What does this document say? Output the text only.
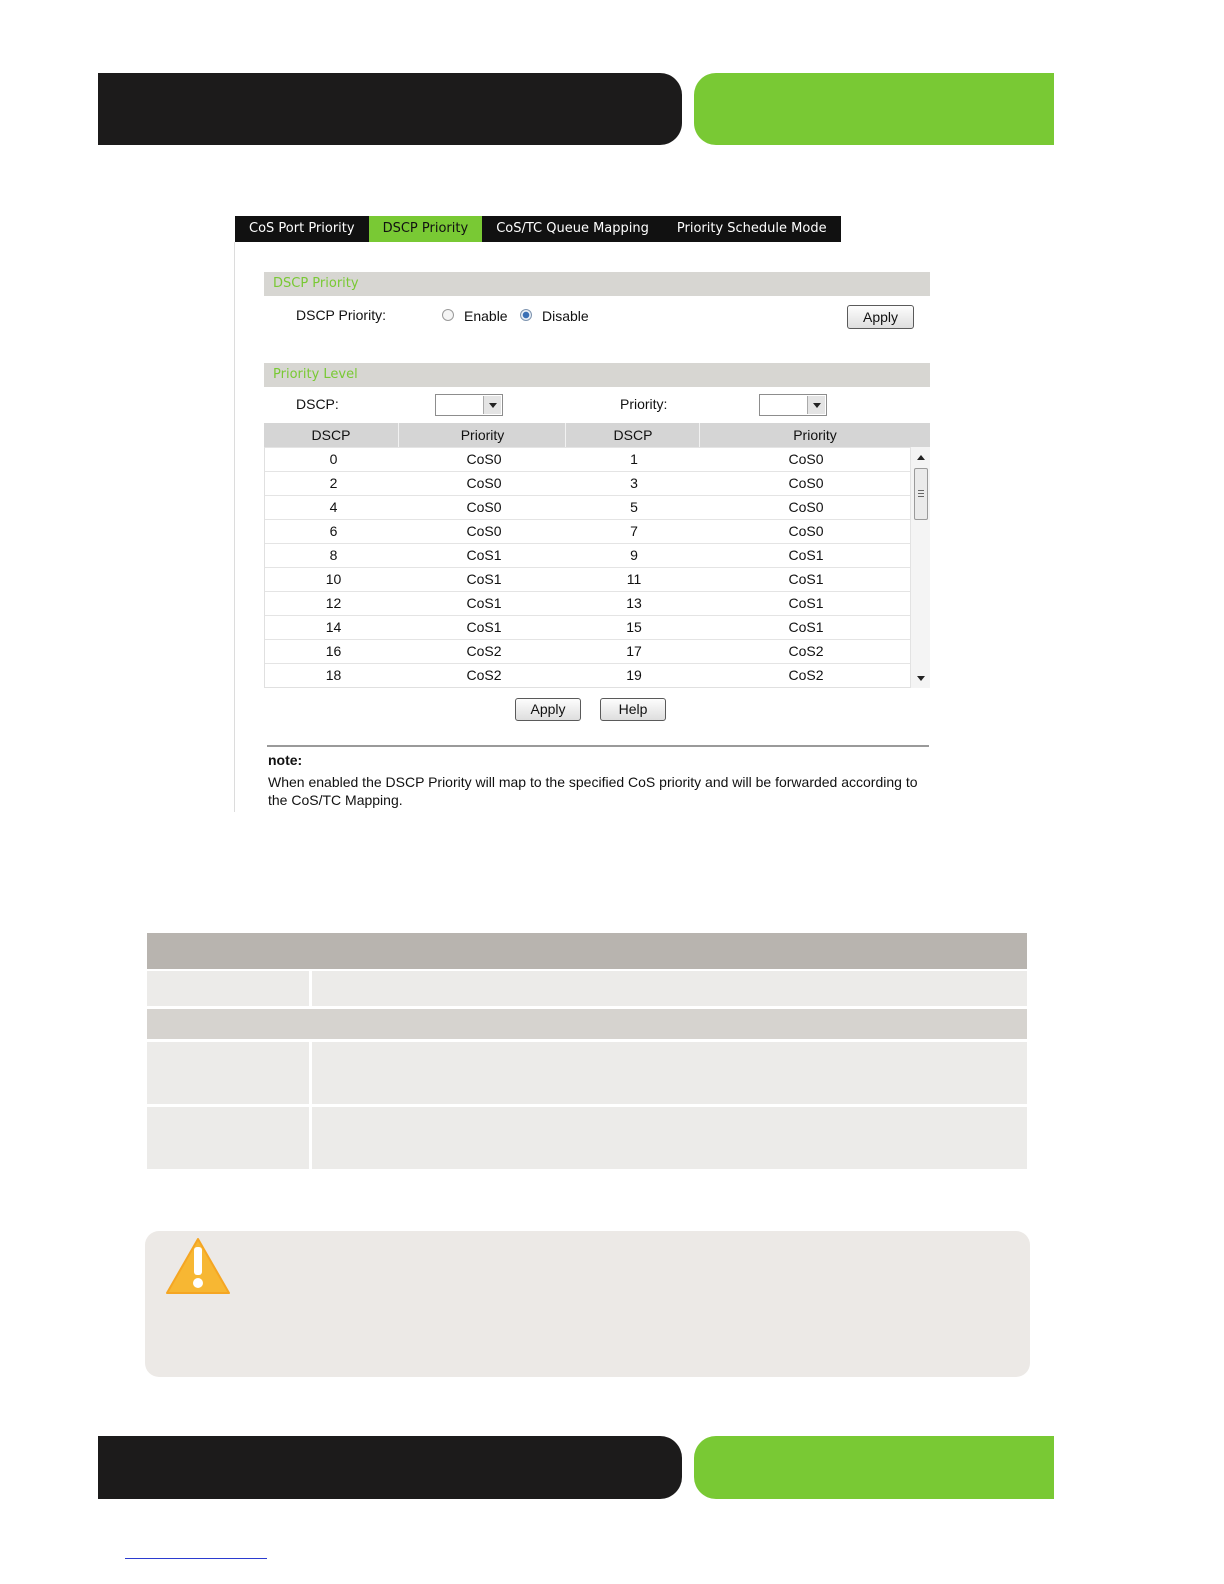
CoS Port Priority	DSCP Priority	CoS/TC Queue Mapping	Priority Schedule Mode
DSCP Priority
DSCP Priority:	Enable Disable	Apply
Priority Level
DSCP:	Priority:
DSCP	Priority	DSCP	Priority
0	CoS0	1	CoS0
2	CoS0	3	CoS0
4	CoS0	5	CoS0
6	CoS0	7	CoS0
8	CoS1	9	CoS1
10	CoS1	11	CoS1
12	CoS1	13	CoS1
14	CoS1	15	CoS1
16	CoS2	17	CoS2
18	CoS2	19	CoS2
Apply	Help
note:
When enabled the DSCP Priority will map to the specified CoS priority and will be forwarded according to the CoS/TC Mapping.
